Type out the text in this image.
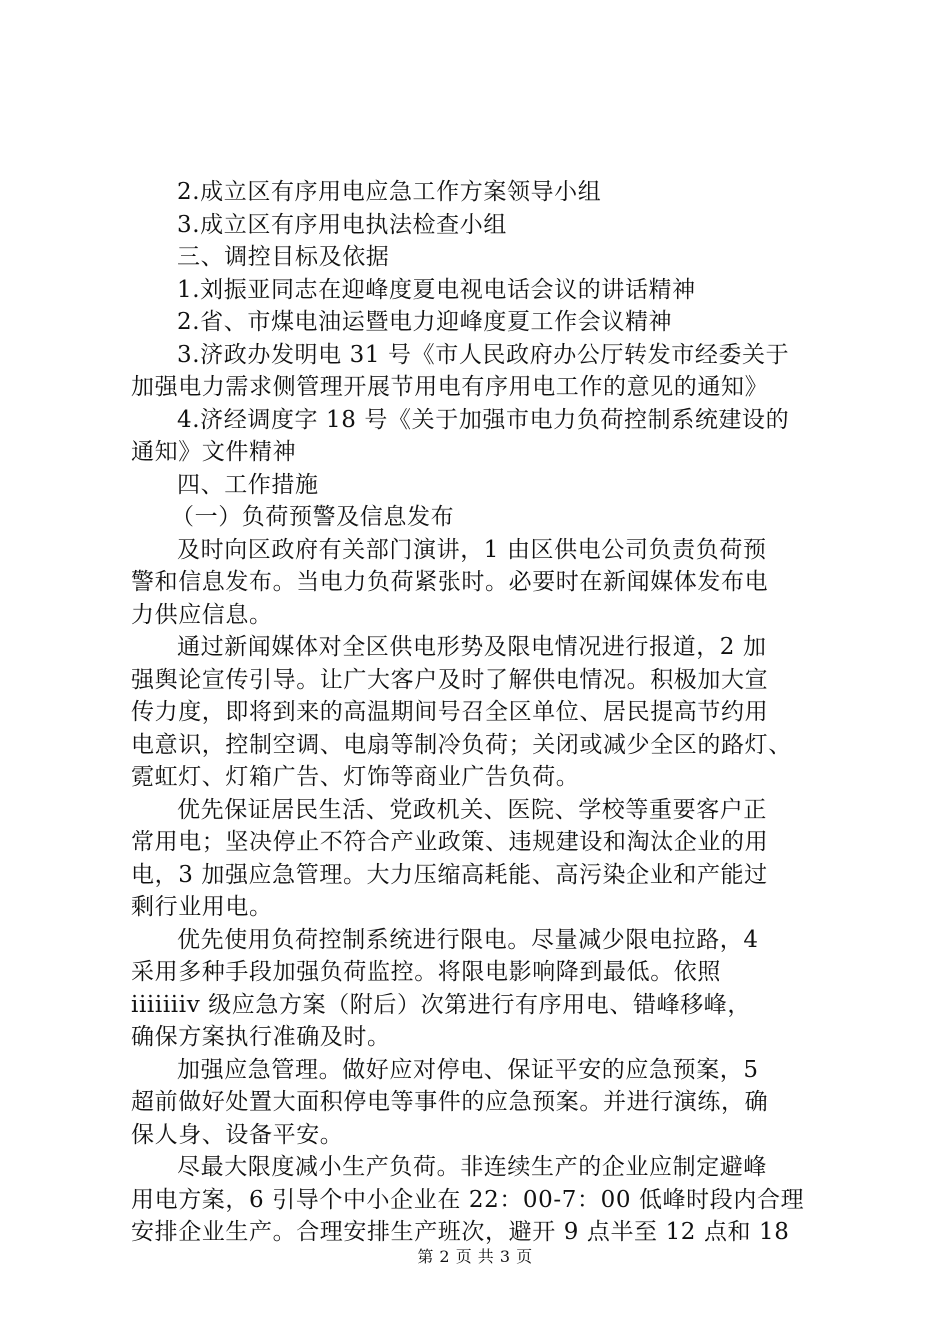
2.成立区有序用电应急工作方案领导小组
3.成立区有序用电执法检查小组
三、调控目标及依据
1.刘振亚同志在迎峰度夏电视电话会议的讲话精神
2.省、市煤电油运暨电力迎峰度夏工作会议精神
3.济政办发明电 31 号《市人民政府办公厅转发市经委关于
加强电力需求侧管理开展节用电有序用电工作的意见的通知》
4.济经调度字 18 号《关于加强市电力负荷控制系统建设的
通知》文件精神
四、工作措施
（一）负荷预警及信息发布
及时向区政府有关部门演讲，1 由区供电公司负责负荷预
警和信息发布。当电力负荷紧张时。必要时在新闻媒体发布电
力供应信息。
通过新闻媒体对全区供电形势及限电情况进行报道，2 加
强舆论宣传引导。让广大客户及时了解供电情况。积极加大宣
传力度，即将到来的高温期间号召全区单位、居民提高节约用
电意识，控制空调、电扇等制冷负荷；关闭或减少全区的路灯、
霓虹灯、灯箱广告、灯饰等商业广告负荷。
优先保证居民生活、党政机关、医院、学校等重要客户正
常用电；坚决停止不符合产业政策、违规建设和淘汰企业的用
电，3 加强应急管理。大力压缩高耗能、高污染企业和产能过
剩行业用电。
优先使用负荷控制系统进行限电。尽量减少限电拉路，4
采用多种手段加强负荷监控。将限电影响降到最低。依照
iiiiiiiv 级应急方案（附后）次第进行有序用电、错峰移峰，
确保方案执行准确及时。
加强应急管理。做好应对停电、保证平安的应急预案，5
超前做好处置大面积停电等事件的应急预案。并进行演练，确
保人身、设备平安。
尽最大限度减小生产负荷。非连续生产的企业应制定避峰
用电方案，6 引导个中小企业在 22：00-7：00 低峰时段内合理
安排企业生产。合理安排生产班次，避开 9 点半至 12 点和 18
第 2 页 共 3 页
